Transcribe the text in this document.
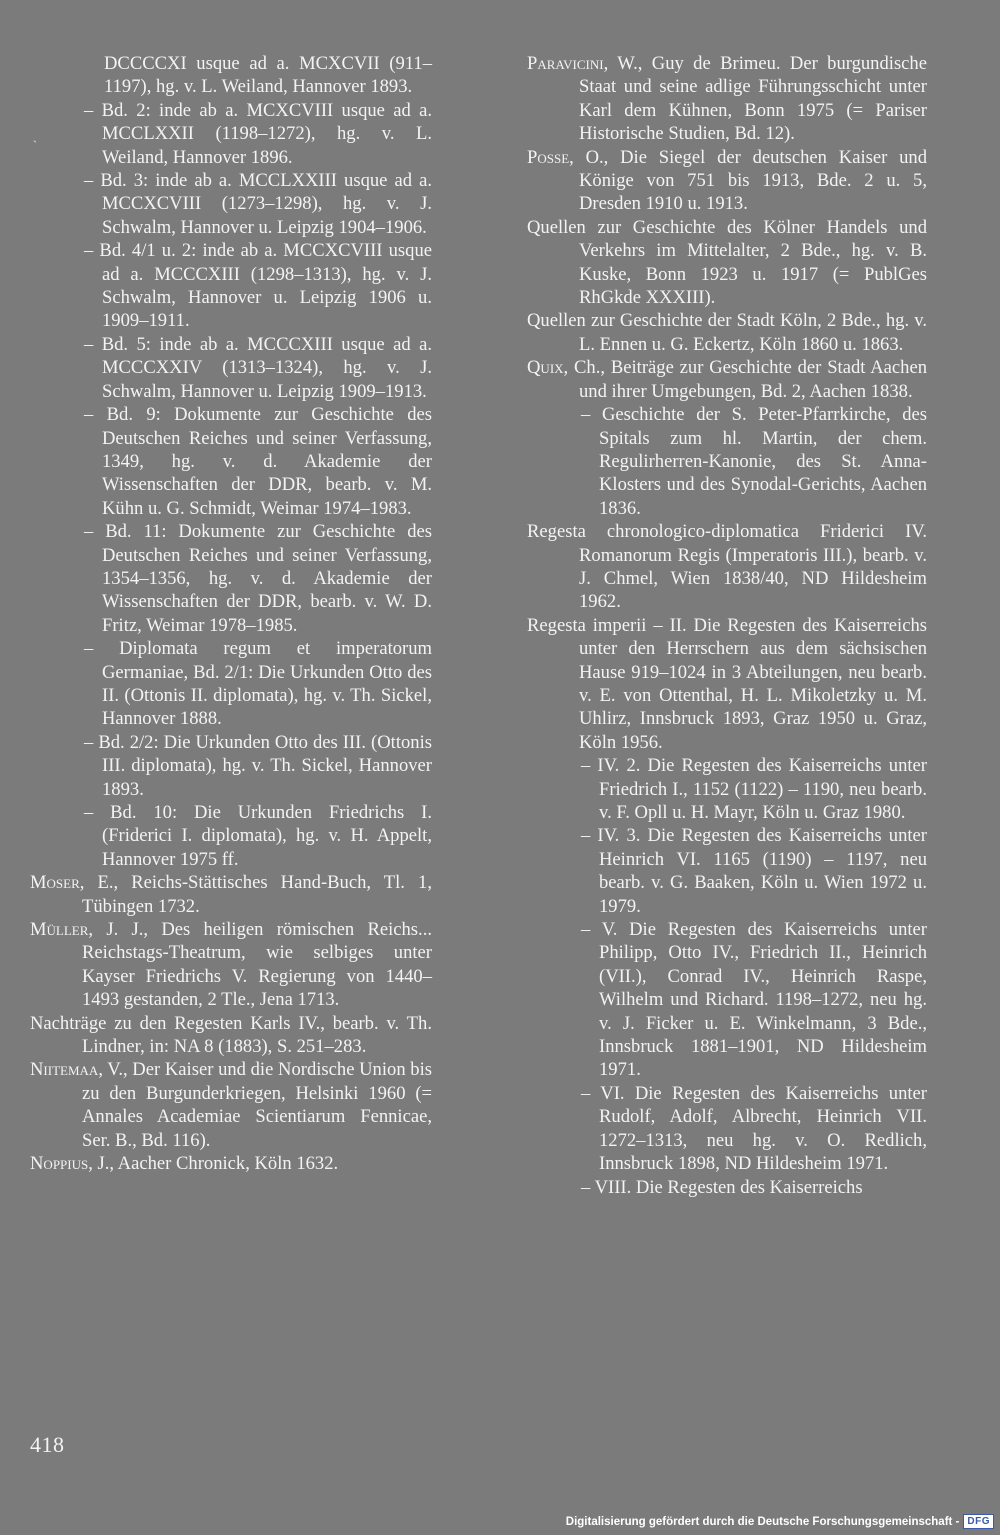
`
DCCCCXI usque ad a. MCXCVII (911–1197), hg. v. L. Weiland, Hannover 1893.
– Bd. 2: inde ab a. MCXCVIII usque ad a. MCCLXXII (1198–1272), hg. v. L. Weiland, Hannover 1896.
– Bd. 3: inde ab a. MCCLXXIII usque ad a. MCCXCVIII (1273–1298), hg. v. J. Schwalm, Hannover u. Leipzig 1904–1906.
– Bd. 4/1 u. 2: inde ab a. MCCXCVIII usque ad a. MCCCXIII (1298–1313), hg. v. J. Schwalm, Hannover u. Leipzig 1906 u. 1909–1911.
– Bd. 5: inde ab a. MCCCXIII usque ad a. MCCCXXIV (1313–1324), hg. v. J. Schwalm, Hannover u. Leipzig 1909–1913.
– Bd. 9: Dokumente zur Geschichte des Deutschen Reiches und seiner Verfassung, 1349, hg. v. d. Akademie der Wissenschaften der DDR, bearb. v. M. Kühn u. G. Schmidt, Weimar 1974–1983.
– Bd. 11: Dokumente zur Geschichte des Deutschen Reiches und seiner Verfassung, 1354–1356, hg. v. d. Akademie der Wissenschaften der DDR, bearb. v. W. D. Fritz, Weimar 1978–1985.
– Diplomata regum et imperatorum Germaniae, Bd. 2/1: Die Urkunden Otto des II. (Ottonis II. diplomata), hg. v. Th. Sickel, Hannover 1888.
– Bd. 2/2: Die Urkunden Otto des III. (Ottonis III. diplomata), hg. v. Th. Sickel, Hannover 1893.
– Bd. 10: Die Urkunden Friedrichs I. (Friderici I. diplomata), hg. v. H. Appelt, Hannover 1975 ff.
Moser, E., Reichs-Stättisches Hand-Buch, Tl. 1, Tübingen 1732.
Müller, J. J., Des heiligen römischen Reichs... Reichstags-Theatrum, wie selbiges unter Kayser Friedrichs V. Regierung von 1440–1493 gestanden, 2 Tle., Jena 1713.
Nachträge zu den Regesten Karls IV., bearb. v. Th. Lindner, in: NA 8 (1883), S. 251–283.
Niitemaa, V., Der Kaiser und die Nordische Union bis zu den Burgunderkriegen, Helsinki 1960 (= Annales Academiae Scientiarum Fennicae, Ser. B., Bd. 116).
Noppius, J., Aacher Chronick, Köln 1632.
Paravicini, W., Guy de Brimeu. Der burgundische Staat und seine adlige Führungsschicht unter Karl dem Kühnen, Bonn 1975 (= Pariser Historische Studien, Bd. 12).
Posse, O., Die Siegel der deutschen Kaiser und Könige von 751 bis 1913, Bde. 2 u. 5, Dresden 1910 u. 1913.
Quellen zur Geschichte des Kölner Handels und Verkehrs im Mittelalter, 2 Bde., hg. v. B. Kuske, Bonn 1923 u. 1917 (= PublGes RhGkde XXXIII).
Quellen zur Geschichte der Stadt Köln, 2 Bde., hg. v. L. Ennen u. G. Eckertz, Köln 1860 u. 1863.
Quix, Ch., Beiträge zur Geschichte der Stadt Aachen und ihrer Umgebungen, Bd. 2, Aachen 1838.
– Geschichte der S. Peter-Pfarrkirche, des Spitals zum hl. Martin, der chem. Regulirherren-Kanonie, des St. Anna-Klosters und des Synodal-Gerichts, Aachen 1836.
Regesta chronologico-diplomatica Friderici IV. Romanorum Regis (Imperatoris III.), bearb. v. J. Chmel, Wien 1838/40, ND Hildesheim 1962.
Regesta imperii – II. Die Regesten des Kaiserreichs unter den Herrschern aus dem sächsischen Hause 919–1024 in 3 Abteilungen, neu bearb. v. E. von Ottenthal, H. L. Mikoletzky u. M. Uhlirz, Innsbruck 1893, Graz 1950 u. Graz, Köln 1956.
– IV. 2. Die Regesten des Kaiserreichs unter Friedrich I., 1152 (1122) – 1190, neu bearb. v. F. Opll u. H. Mayr, Köln u. Graz 1980.
– IV. 3. Die Regesten des Kaiserreichs unter Heinrich VI. 1165 (1190) – 1197, neu bearb. v. G. Baaken, Köln u. Wien 1972 u. 1979.
– V. Die Regesten des Kaiserreichs unter Philipp, Otto IV., Friedrich II., Heinrich (VII.), Conrad IV., Heinrich Raspe, Wilhelm und Richard. 1198–1272, neu hg. v. J. Ficker u. E. Winkelmann, 3 Bde., Innsbruck 1881–1901, ND Hildesheim 1971.
– VI. Die Regesten des Kaiserreichs unter Rudolf, Adolf, Albrecht, Heinrich VII. 1272–1313, neu hg. v. O. Redlich, Innsbruck 1898, ND Hildesheim 1971.
– VIII. Die Regesten des Kaiserreichs
418
Digitalisierung gefördert durch die Deutsche Forschungsgemeinschaft - DFG
